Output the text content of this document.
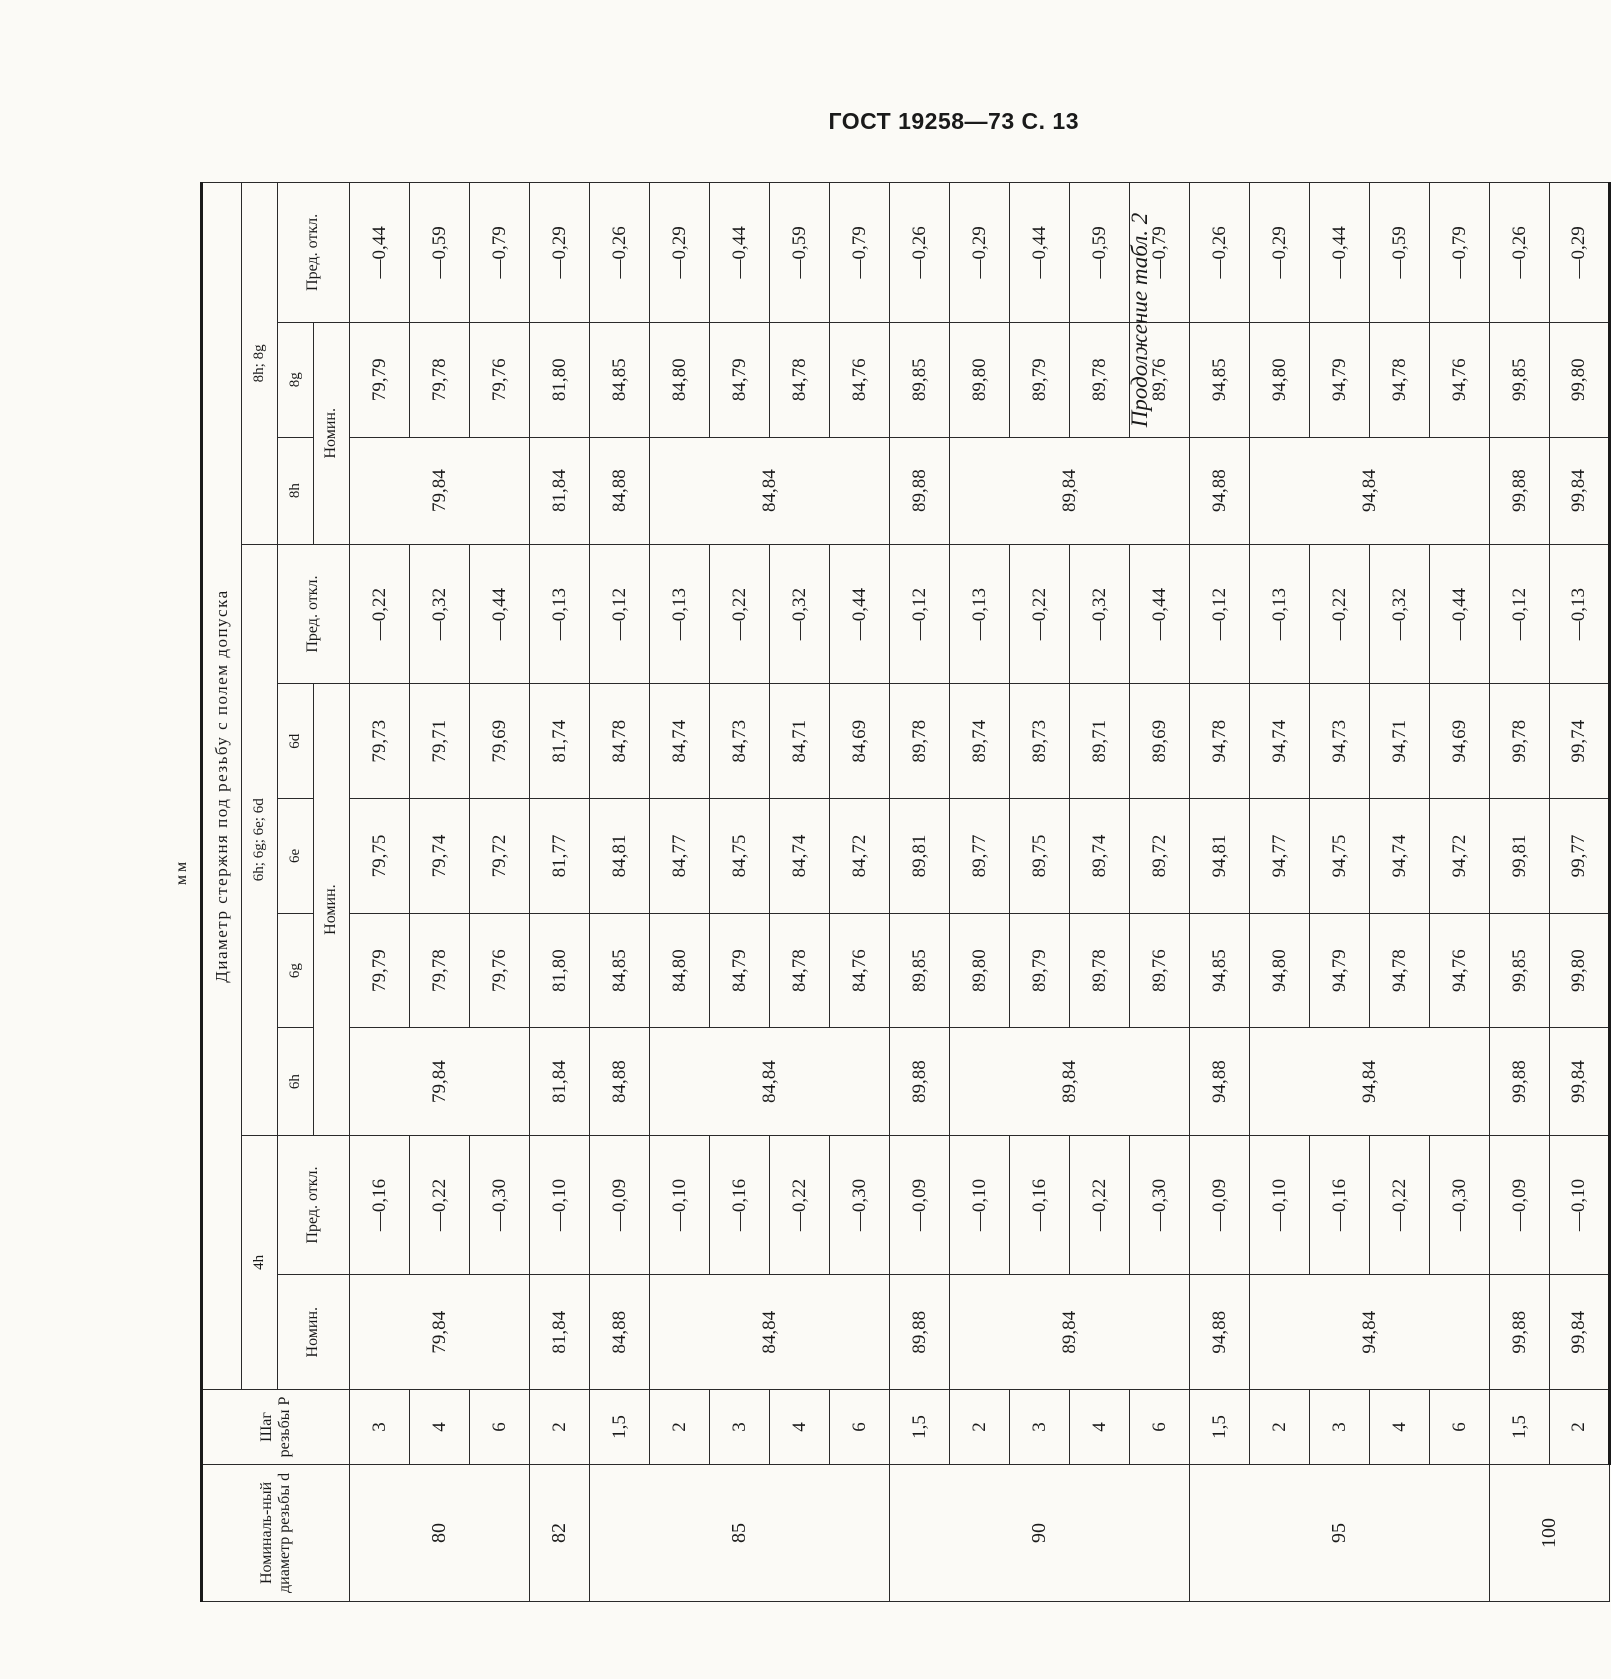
ГОСТ 19258—73 С. 13
Продолжение табл. 2
мм
Номиналь-ный диаметр резьбы d	Шаг резьбы P	Диаметр стержня под резьбу с полем допуска									
		4h		6h; 6g; 6e; 6d					8h; 8g		
		Номин.	Пред. откл.	6h	6g	6e	6d	Пред. откл.	8h	8g	Пред. откл.
				Номин.					Номин.		
80	3	79,84	—0,16	79,84	79,79	79,75	79,73	—0,22	79,84	79,79	—0,44
	4		—0,22		79,78	79,74	79,71	—0,32		79,78	—0,59
	6		—0,30		79,76	79,72	79,69	—0,44		79,76	—0,79
82	2	81,84	—0,10	81,84	81,80	81,77	81,74	—0,13	81,84	81,80	—0,29
85	1,5	84,88	—0,09	84,88	84,85	84,81	84,78	—0,12	84,88	84,85	—0,26
	2	84,84	—0,10	84,84	84,80	84,77	84,74	—0,13	84,84	84,80	—0,29
	3		—0,16		84,79	84,75	84,73	—0,22		84,79	—0,44
	4		—0,22		84,78	84,74	84,71	—0,32		84,78	—0,59
	6		—0,30		84,76	84,72	84,69	—0,44		84,76	—0,79
90	1,5	89,88	—0,09	89,88	89,85	89,81	89,78	—0,12	89,88	89,85	—0,26
	2	89,84	—0,10	89,84	89,80	89,77	89,74	—0,13	89,84	89,80	—0,29
	3		—0,16		89,79	89,75	89,73	—0,22		89,79	—0,44
	4		—0,22		89,78	89,74	89,71	—0,32		89,78	—0,59
	6		—0,30		89,76	89,72	89,69	—0,44		89,76	—0,79
95	1,5	94,88	—0,09	94,88	94,85	94,81	94,78	—0,12	94,88	94,85	—0,26
	2	94,84	—0,10	94,84	94,80	94,77	94,74	—0,13	94,84	94,80	—0,29
	3		—0,16		94,79	94,75	94,73	—0,22		94,79	—0,44
	4		—0,22		94,78	94,74	94,71	—0,32		94,78	—0,59
	6		—0,30		94,76	94,72	94,69	—0,44		94,76	—0,79
100	1,5	99,88	—0,09	99,88	99,85	99,81	99,78	—0,12	99,88	99,85	—0,26
	2	99,84	—0,10	99,84	99,80	99,77	99,74	—0,13	99,84	99,80	—0,29
